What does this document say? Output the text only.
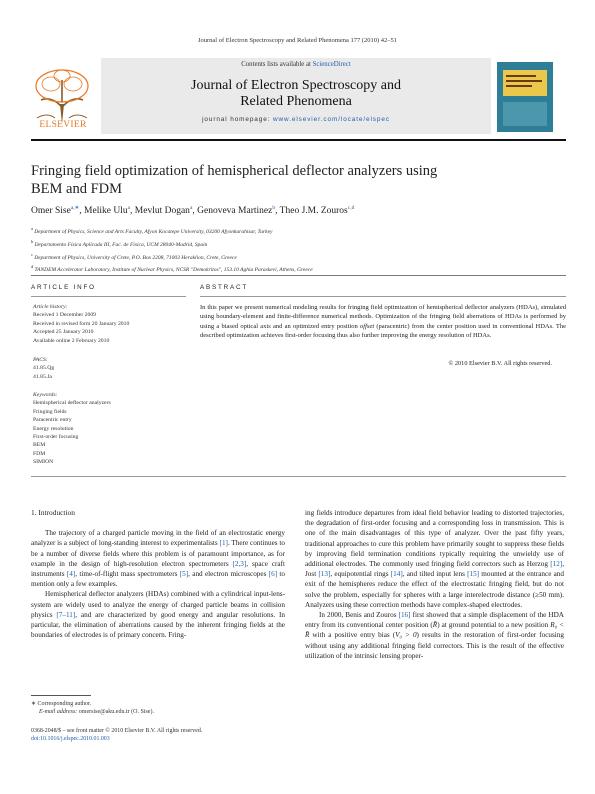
Journal of Electron Spectroscopy and Related Phenomena 177 (2010) 42–51
ELSEVIER
Contents lists available at ScienceDirect
Journal of Electron Spectroscopy and
Related Phenomena
journal homepage: www.elsevier.com/locate/elspec
Fringing field optimization of hemispherical deflector analyzers using
BEM and FDM
Omer Sise$^{a,∗}$, Melike Ulu$^a$, Mevlut Dogan$^a$, Genoveva Martinez$^b$, Theo J.M. Zouros$^{c,d}$
$^a$ Department of Physics, Science and Arts Faculty, Afyon Kocatepe University, 03200 Afyonkarahisar, Turkey
$^b$ Departamento Física Aplicada III, Fac. de Física, UCM 28040-Madrid, Spain
$^c$ Department of Physics, University of Crete, P.O. Box 2208, 71003 Heraklion, Crete, Greece
$^d$ TANDEM Accelerator Laboratory, Institute of Nuclear Physics, NCSR "Demokritos", 153.10 Aghia Paraskevi, Athens, Greece
ARTICLE INFO	ABSTRACT
Article history:
Received 1 December 2009
Received in revised form 20 January 2010
Accepted 25 January 2010
Available online 2 February 2010
PACS:
41.85.Qg
41.85.Ja
Keywords:
Hemispherical deflector analyzers
Fringing fields
Paracentric entry
Energy resolution
First-order focusing
BEM
FDM
SIMION
In this paper we present numerical modeling results for fringing field optimization of hemispherical deflector analyzers (HDAs), simulated using boundary-element and finite-difference numerical methods. Optimization of the fringing field aberrations of HDAs is performed by using a biased optical axis and an optimized entry position offset (paracentric) from the center position used in conventional HDAs. The described optimization achieves first-order focusing thus also further improving the energy resolution of HDAs.
© 2010 Elsevier B.V. All rights reserved.
1. Introduction

The trajectory of a charged particle moving in the field of an electrostatic energy analyzer is a subject of long-standing interest to experimentalists [1]. There continues to be a number of diverse fields where this problem is of paramount importance, as for example in the design of high-resolution electron spectrometers [2,3], space craft instruments [4], time-of-flight mass spectrometers [5], and electron microscopes [6] to mention only a few examples.

Hemispherical deflector analyzers (HDAs) combined with a cylindrical input-lens-system are widely used to analyze the energy of charged particle beams in collision physics [7–11], and are characterized by good energy and angular resolutions. In particular, the elimination of aberrations caused by the inherent fringing fields at the boundaries of electrodes is of primary concern. Fring-

ing fields introduce departures from ideal field behavior leading to distorted trajectories, the degradation of first-order focusing and a corresponding loss in transmission. This is one of the main disadvantages of this type of analyzer. Over the past fifty years, traditional approaches to cure this problem have primarily sought to suppress these fields by improving field termination conditions typically requiring the unwieldy use of additional electrodes. The commonly used fringing field correctors such as Herzog [12], Jost [13], equipotential rings [14], and tilted input lens [15] mounted at the entrance and exit of the hemispheres reduce the effect of the electrostatic fringing field, but do not solve the problem, especially for spheres with a large interelectrode distance (≥50 mm). Analyzers using these correction methods have complex-shaped electrodes.

In 2000, Benis and Zouros [16] first showed that a simple displacement of the HDA entry from its conventional center position (R̄) at ground potential to a new position R₀ < R̄ with a positive entry bias (V₀ > 0) results in the restoration of first-order focusing without using any additional fringing field correctors. This is the result of the effective utilization of the intrinsic lensing proper-

∗ Corresponding author.
E-mail address: omersise@aku.edu.tr (O. Sise).
0368-2048/$ – see front matter © 2010 Elsevier B.V. All rights reserved.
doi:10.1016/j.elspec.2010.01.003
